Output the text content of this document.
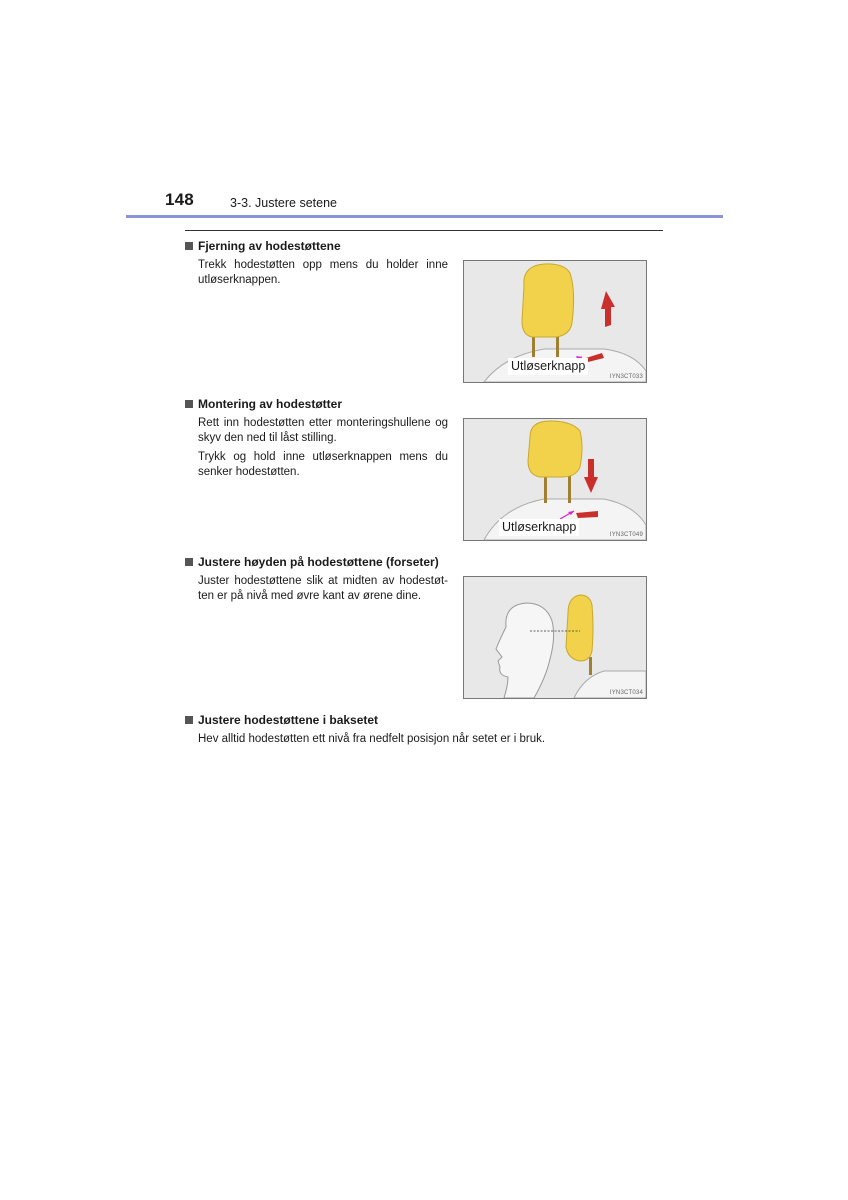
148	3-3. Justere setene
Fjerning av hodestøttene
Trekk hodestøtten opp mens du holder inne utløserknappen.
Utløserknapp
IYN3CT033
Montering av hodestøtter
Rett inn hodestøtten etter monteringshullene og skyv den ned til låst stilling.
Trykk og hold inne utløserknappen mens du senker hodestøtten.
Utløserknapp
IYN3CT049
Justere høyden på hodestøttene (forseter)
Juster hodestøttene slik at midten av hodestøt-ten er på nivå med øvre kant av ørene dine.
IYN3CT034
Justere hodestøttene i baksetet
Hev alltid hodestøtten ett nivå fra nedfelt posisjon når setet er i bruk.
